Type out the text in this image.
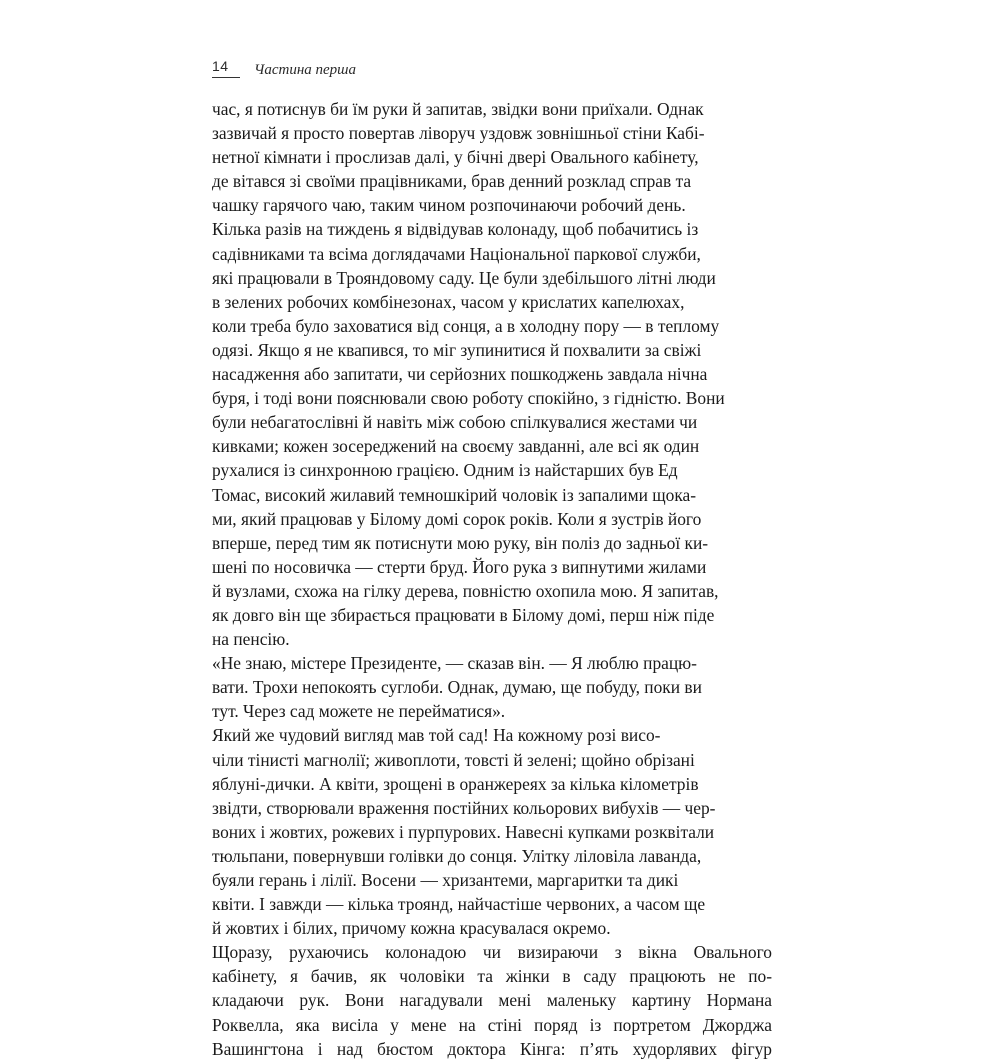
14 Частина перша

час, я потиснув би їм руки й запитав, звідки вони приїхали. Однак
зазвичай я просто повертав ліворуч уздовж зовнішньої стіни Кабі-
нетної кімнати і прослизав далі, у бічні двері Овального кабінету,
де вітався зі своїми працівниками, брав денний розклад справ та
чашку гарячого чаю, таким чином розпочинаючи робочий день.

Кілька разів на тиждень я відвідував колонаду, щоб побачитись із
садівниками та всіма доглядачами Національної паркової служби,
які працювали в Трояндовому саду. Це були здебільшого літні люди
в зелених робочих комбінезонах, часом у крислатих капелюхах,
коли треба було заховатися від сонця, а в холодну пору — в теплому
одязі. Якщо я не квапився, то міг зупинитися й похвалити за свіжі
насадження або запитати, чи серйозних пошкоджень завдала нічна
буря, і тоді вони пояснювали свою роботу спокійно, з гідністю. Вони
були небагатослівні й навіть між собою спілкувалися жестами чи
кивками; кожен зосереджений на своєму завданні, але всі як один
рухалися із синхронною грацією. Одним із найстарших був Ед
Томас, високий жилавий темношкірий чоловік із запалими щока-
ми, який працював у Білому домі сорок років. Коли я зустрів його
вперше, перед тим як потиснути мою руку, він поліз до задньої ки-
шені по носовичка — стерти бруд. Його рука з випнутими жилами
й вузлами, схожа на гілку дерева, повністю охопила мою. Я запитав,
як довго він ще збирається працювати в Білому домі, перш ніж піде
на пенсію.

«Не знаю, містере Президенте, — сказав він. — Я люблю працю-
вати. Трохи непокоять суглоби. Однак, думаю, ще побуду, поки ви
тут. Через сад можете не перейматися».

Який же чудовий вигляд мав той сад! На кожному розі висо-
чіли тінисті магнолії; живоплоти, товсті й зелені; щойно обрізані
яблуні-дички. А квіти, зрощені в оранжереях за кілька кілометрів
звідти, створювали враження постійних кольорових вибухів — чер-
воних і жовтих, рожевих і пурпурових. Навесні купками розквітали
тюльпани, повернувши голівки до сонця. Улітку ліловіла лаванда,
буяли герань і лілії. Восени — хризантеми, маргаритки та дикі
квіти. І завжди — кілька троянд, найчастіше червоних, а часом ще
й жовтих і білих, причому кожна красувалася окремо.

Щоразу, рухаючись колонадою чи визираючи з вікна Овального
кабінету, я бачив, як чоловіки та жінки в саду працюють не по-
кладаючи рук. Вони нагадували мені маленьку картину Нормана
Роквелла, яка висіла у мене на стіні поряд із портретом Джорджа
Вашингтона і над бюстом доктора Кінга: п’ять худорлявих фігур
